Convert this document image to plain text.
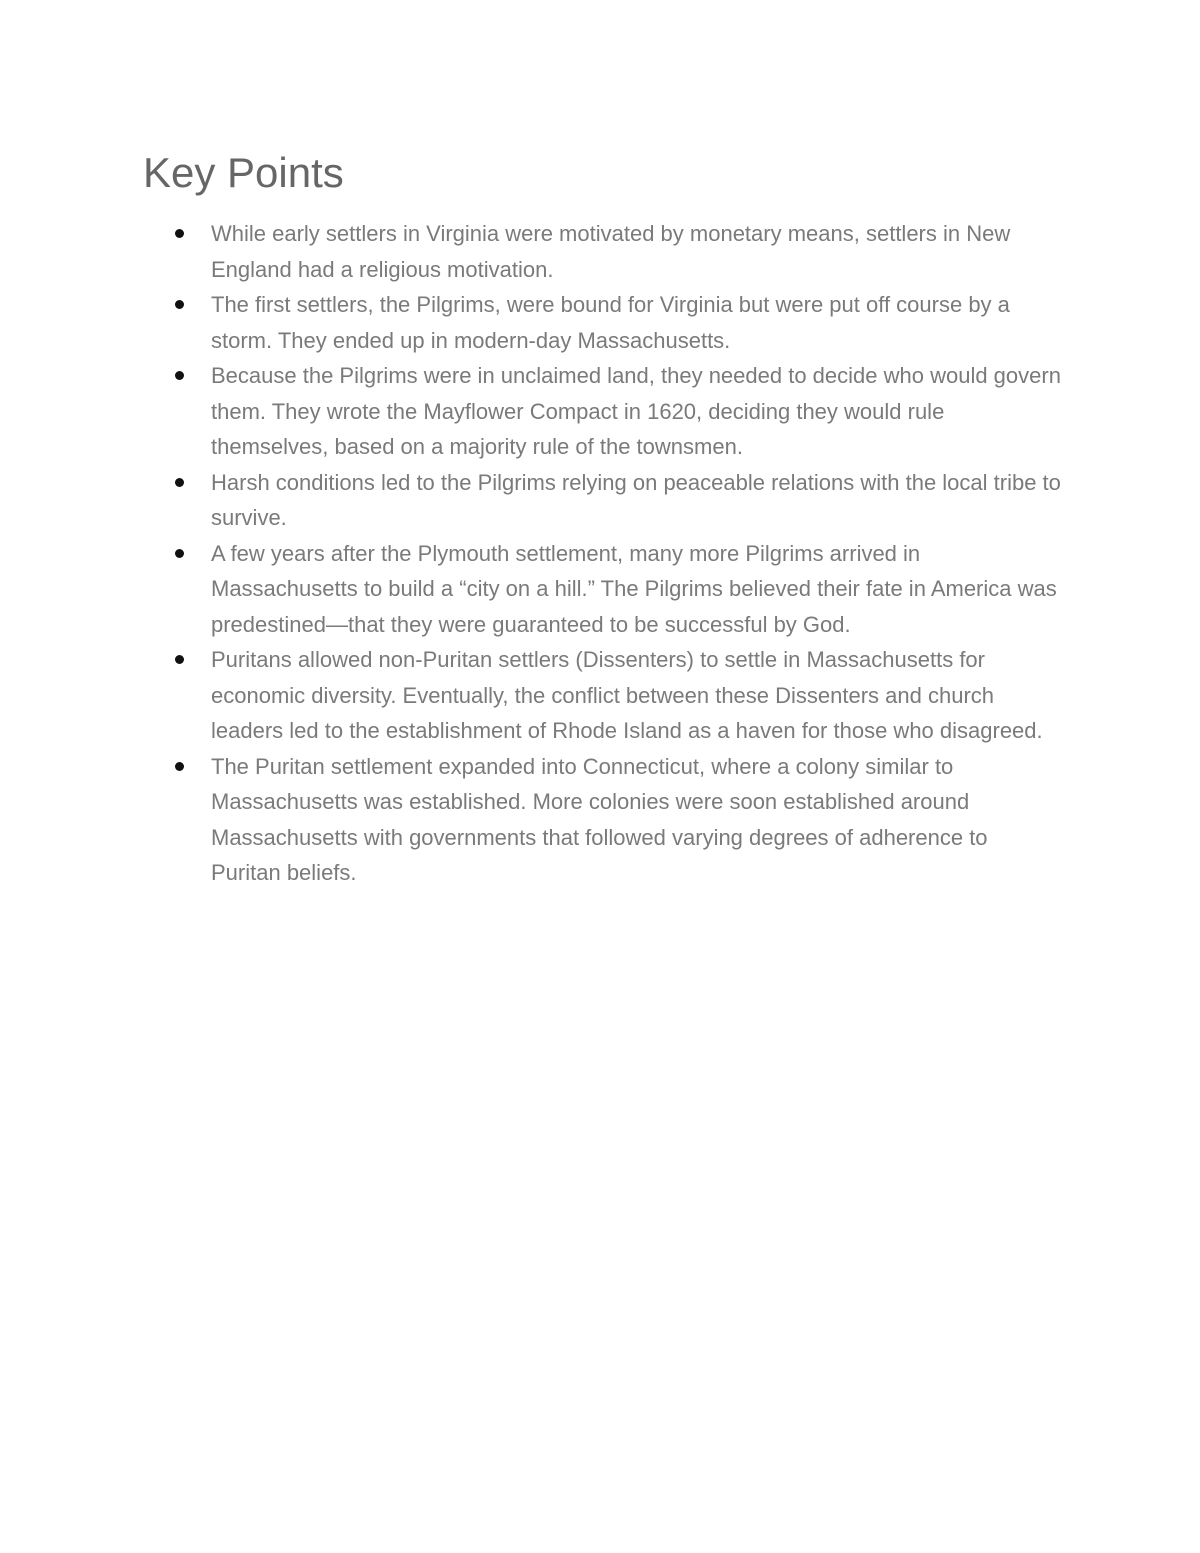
Key Points
While early settlers in Virginia were motivated by monetary means, settlers in New England had a religious motivation.
The first settlers, the Pilgrims, were bound for Virginia but were put off course by a storm. They ended up in modern-day Massachusetts.
Because the Pilgrims were in unclaimed land, they needed to decide who would govern them. They wrote the Mayflower Compact in 1620, deciding they would rule themselves, based on a majority rule of the townsmen.
Harsh conditions led to the Pilgrims relying on peaceable relations with the local tribe to survive.
A few years after the Plymouth settlement, many more Pilgrims arrived in Massachusetts to build a “city on a hill.” The Pilgrims believed their fate in America was predestined—that they were guaranteed to be successful by God.
Puritans allowed non-Puritan settlers (Dissenters) to settle in Massachusetts for economic diversity. Eventually, the conflict between these Dissenters and church leaders led to the establishment of Rhode Island as a haven for those who disagreed.
The Puritan settlement expanded into Connecticut, where a colony similar to Massachusetts was established. More colonies were soon established around Massachusetts with governments that followed varying degrees of adherence to Puritan beliefs.
